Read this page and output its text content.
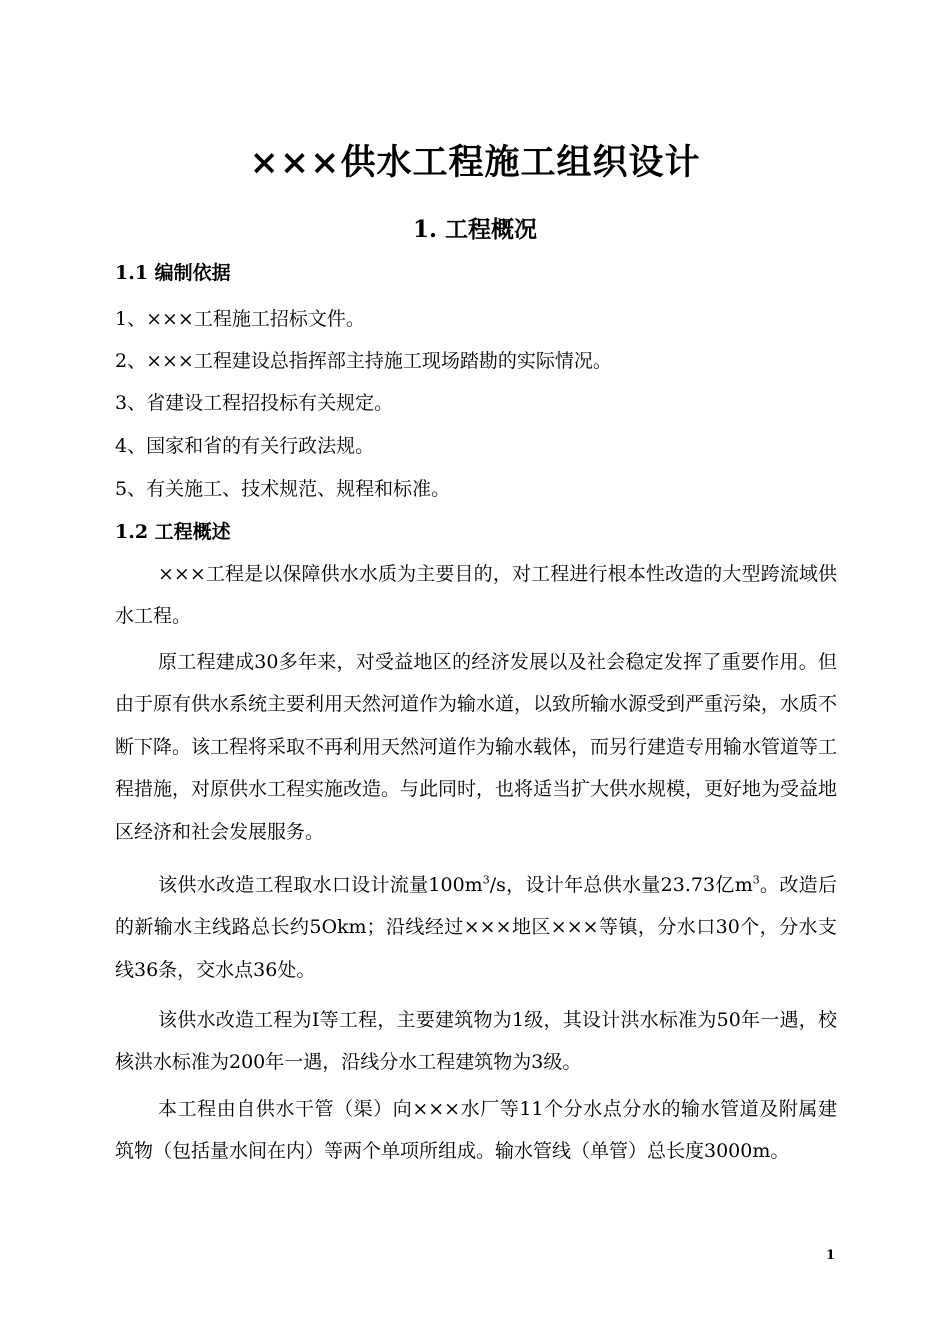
×××供水工程施工组织设计
1. 工程概况
1.1 编制依据
1、×××工程施工招标文件。
2、×××工程建设总指挥部主持施工现场踏勘的实际情况。
3、省建设工程招投标有关规定。
4、国家和省的有关行政法规。
5、有关施工、技术规范、规程和标准。
1.2 工程概述
×××工程是以保障供水水质为主要目的，对工程进行根本性改造的大型跨流域供水工程。
原工程建成30多年来，对受益地区的经济发展以及社会稳定发挥了重要作用。但由于原有供水系统主要利用天然河道作为输水道，以致所输水源受到严重污染，水质不断下降。该工程将采取不再利用天然河道作为输水载体，而另行建造专用输水管道等工程措施，对原供水工程实施改造。与此同时，也将适当扩大供水规模，更好地为受益地区经济和社会发展服务。
该供水改造工程取水口设计流量$100m^3/s$，设计年总供水量23.73亿$m^3$。改造后的新输水主线路总长约5Okm；沿线经过×××地区×××等镇，分水口30个，分水支线36条，交水点36处。
该供水改造工程为I等工程，主要建筑物为1级，其设计洪水标准为50年一遇，校核洪水标准为200年一遇，沿线分水工程建筑物为3级。
本工程由自供水干管（渠）向×××水厂等11个分水点分水的输水管道及附属建筑物（包括量水间在内）等两个单项所组成。输水管线（单管）总长度3000m。
1
